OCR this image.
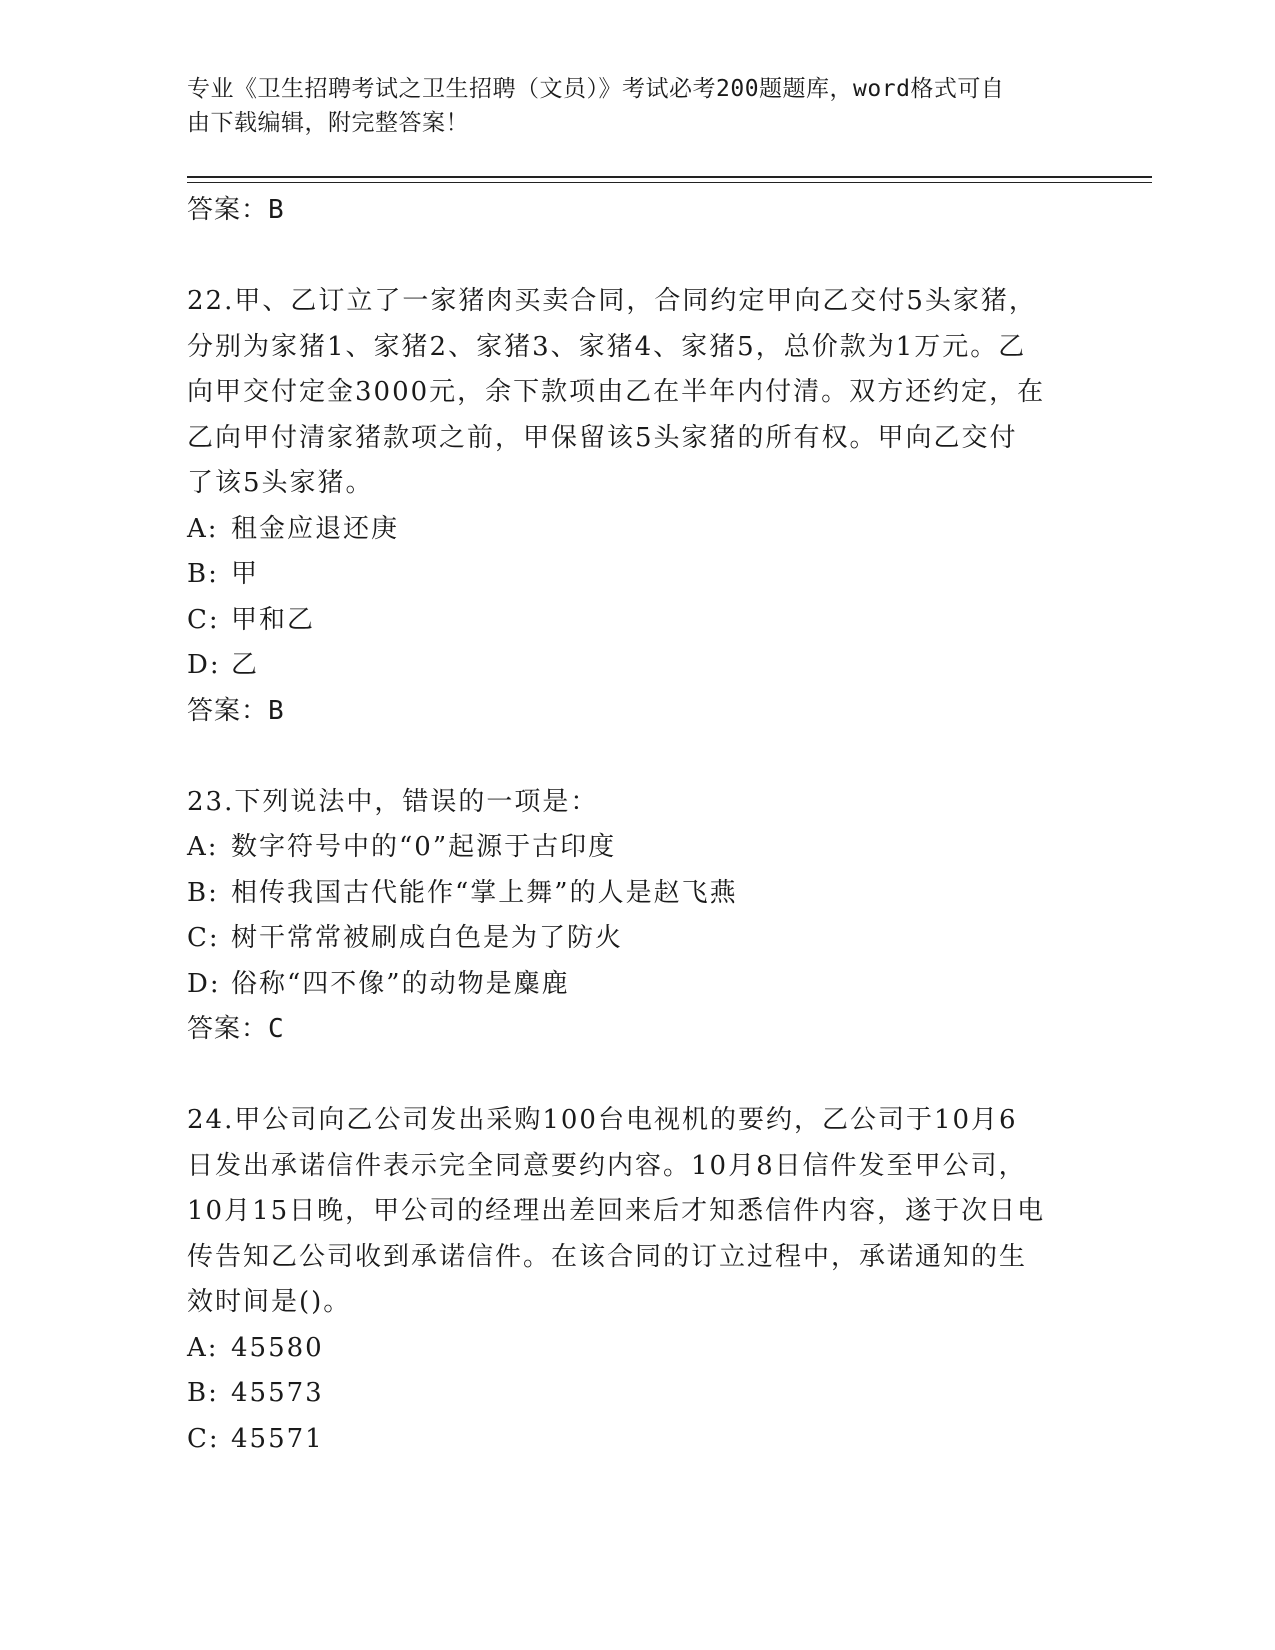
专业《卫生招聘考试之卫生招聘（文员）》考试必考200题题库，word格式可自
由下载编辑，附完整答案！
答案：B
22.甲、乙订立了一家猪肉买卖合同，合同约定甲向乙交付5头家猪，
分别为家猪1、家猪2、家猪3、家猪4、家猪5，总价款为1万元。乙
向甲交付定金3000元，余下款项由乙在半年内付清。双方还约定，在
乙向甲付清家猪款项之前，甲保留该5头家猪的所有权。甲向乙交付
了该5头家猪。
A: 租金应退还庚
B: 甲
C: 甲和乙
D: 乙
答案：B
23.下列说法中，错误的一项是：
A: 数字符号中的“0”起源于古印度
B: 相传我国古代能作“掌上舞”的人是赵飞燕
C: 树干常常被刷成白色是为了防火
D: 俗称“四不像”的动物是麋鹿
答案：C
24.甲公司向乙公司发出采购100台电视机的要约，乙公司于10月6
日发出承诺信件表示完全同意要约内容。10月8日信件发至甲公司，
10月15日晚，甲公司的经理出差回来后才知悉信件内容，遂于次日电
传告知乙公司收到承诺信件。在该合同的订立过程中，承诺通知的生
效时间是()。
A: 45580
B: 45573
C: 45571
